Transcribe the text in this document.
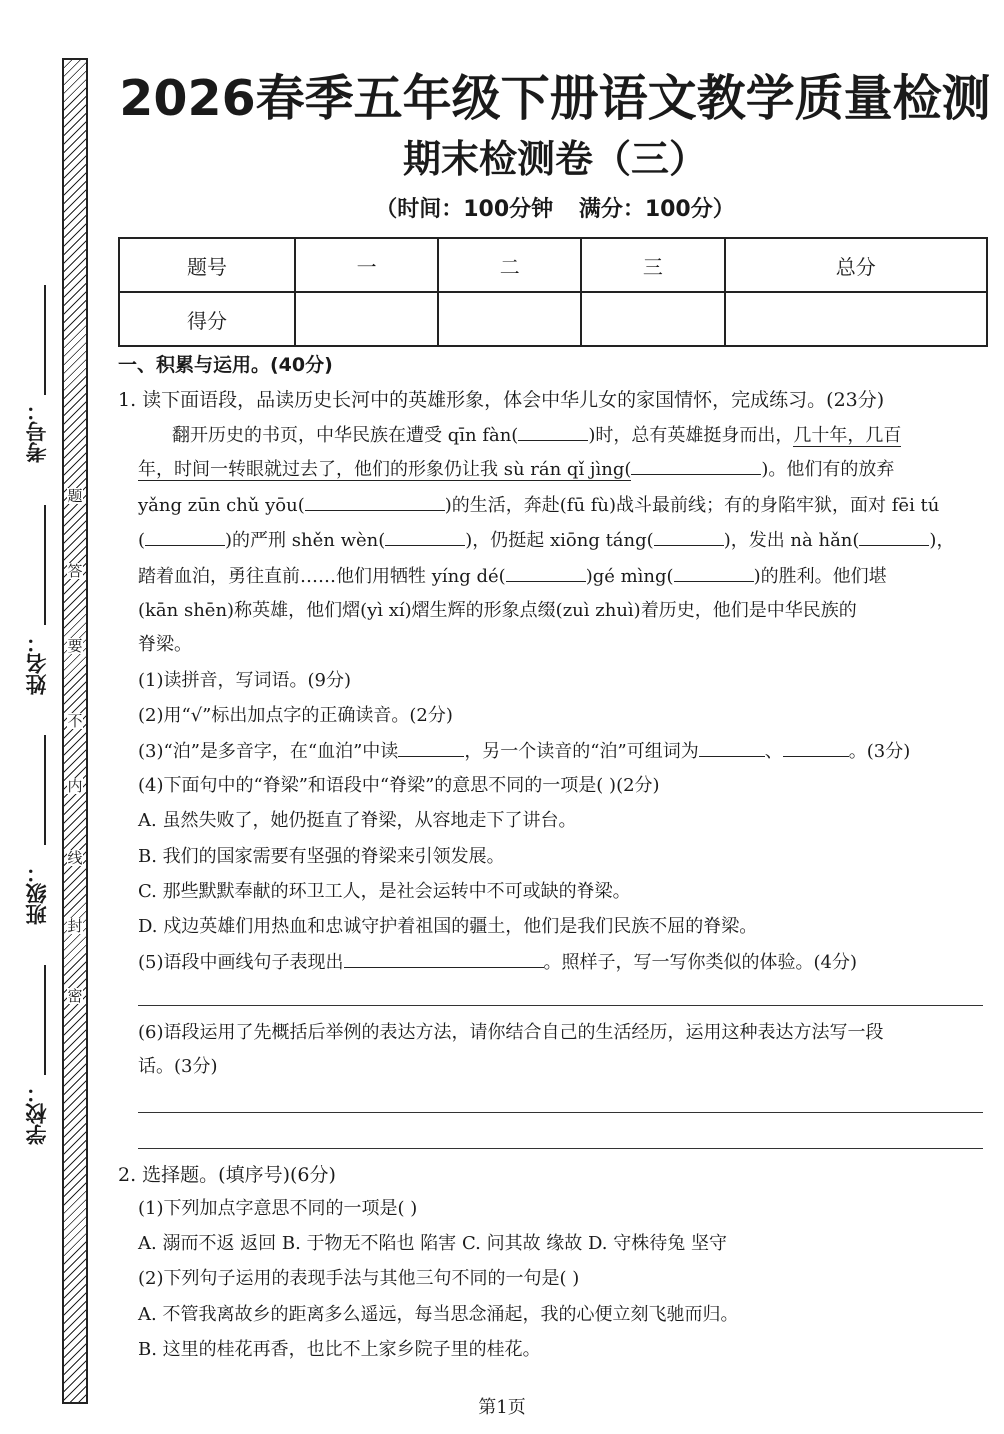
题
答
要
不
内
线
封
密
考号：
姓名：
班级：
学校：
2026春季五年级下册语文教学质量检测
期末检测卷（三）
（时间：100分钟 满分：100分）
题号	一	二	三	总分
得分				
一、积累与运用。(40分)
1. 读下面语段，品读历史长河中的英雄形象，体会中华儿女的家国情怀，完成练习。(23分)
翻开历史的书页，中华民族在遭受 qīn fàn(	)时，总有英雄挺身而出，几十年，几百
年，时间一转眼就过去了，他们的形象仍让我 sù rán qǐ jìng(	)。他们有的放弃
yǎng zūn chǔ yōu(	)的生活，奔赴(fū fù)战斗最前线；有的身陷牢狱，面对 fēi tú
(	)的严刑 shěn wèn(	)，仍挺起 xiōng táng(	)，发出 nà hǎn(	)，
踏着血泊，勇往直前……他们用牺牲 yíng dé(	)gé mìng(	)的胜利。他们堪
(kān shēn)称英雄，他们熠(yì xí)熠生辉的形象点缀(zuì zhuì)着历史，他们是中华民族的
脊梁。
(1)读拼音，写词语。(9分)
(2)用“√”标出加点字的正确读音。(2分)
(3)“泊”是多音字，在“血泊”中读	，另一个读音的“泊”可组词为	、	。(3分)
(4)下面句中的“脊梁”和语段中“脊梁”的意思不同的一项是( )(2分)
A. 虽然失败了，她仍挺直了脊梁，从容地走下了讲台。
B. 我们的国家需要有坚强的脊梁来引领发展。
C. 那些默默奉献的环卫工人，是社会运转中不可或缺的脊梁。
D. 戍边英雄们用热血和忠诚守护着祖国的疆土，他们是我们民族不屈的脊梁。
(5)语段中画线句子表现出	。照样子，写一写你类似的体验。(4分)
(6)语段运用了先概括后举例的表达方法，请你结合自己的生活经历，运用这种表达方法写一段
话。(3分)
2. 选择题。(填序号)(6分)
(1)下列加点字意思不同的一项是( )
A. 溺而不返 返回 B. 于物无不陷也 陷害 C. 问其故 缘故 D. 守株待兔 坚守
(2)下列句子运用的表现手法与其他三句不同的一句是( )
A. 不管我离故乡的距离多么遥远，每当思念涌起，我的心便立刻飞驰而归。
B. 这里的桂花再香，也比不上家乡院子里的桂花。
第1页
